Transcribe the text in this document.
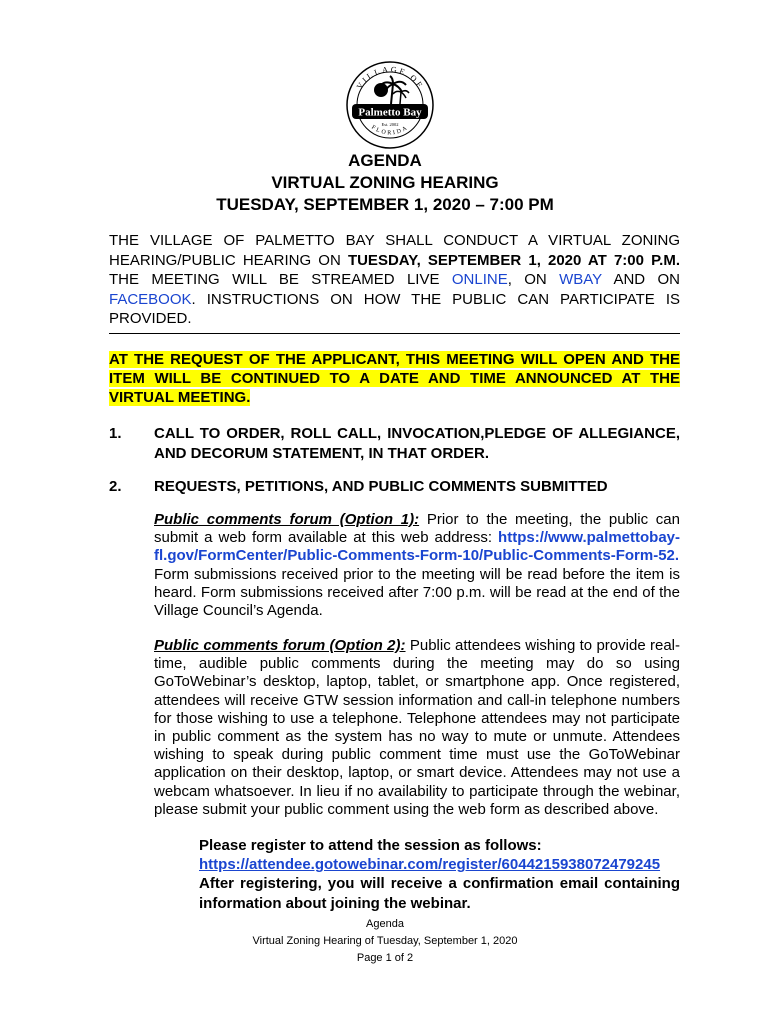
VILLAGE OF
FLORIDA
Palmetto Bay
Est. 2002
AGENDA
VIRTUAL ZONING HEARING
TUESDAY, SEPTEMBER 1, 2020 – 7:00 PM
THE VILLAGE OF PALMETTO BAY SHALL CONDUCT A VIRTUAL ZONING HEARING/PUBLIC HEARING ON TUESDAY, SEPTEMBER 1, 2020 AT 7:00 P.M. THE MEETING WILL BE STREAMED LIVE ONLINE, ON WBAY AND ON FACEBOOK. INSTRUCTIONS ON HOW THE PUBLIC CAN PARTICIPATE IS PROVIDED.
AT THE REQUEST OF THE APPLICANT, THIS MEETING WILL OPEN AND THE ITEM WILL BE CONTINUED TO A DATE AND TIME ANNOUNCED AT THE VIRTUAL MEETING.
1. CALL TO ORDER, ROLL CALL, INVOCATION,PLEDGE OF ALLEGIANCE, AND DECORUM STATEMENT, IN THAT ORDER.
2. REQUESTS, PETITIONS, AND PUBLIC COMMENTS SUBMITTED
Public comments forum (Option 1): Prior to the meeting, the public can submit a web form available at this web address: https://www.palmettobay-fl.gov/FormCenter/Public-Comments-Form-10/Public-Comments-Form-52. Form submissions received prior to the meeting will be read before the item is heard. Form submissions received after 7:00 p.m. will be read at the end of the Village Council’s Agenda.
Public comments forum (Option 2): Public attendees wishing to provide real-time, audible public comments during the meeting may do so using GoToWebinar’s desktop, laptop, tablet, or smartphone app. Once registered, attendees will receive GTW session information and call-in telephone numbers for those wishing to use a telephone. Telephone attendees may not participate in public comment as the system has no way to mute or unmute. Attendees wishing to speak during public comment time must use the GoToWebinar application on their desktop, laptop, or smart device. Attendees may not use a webcam whatsoever. In lieu if no availability to participate through the webinar, please submit your public comment using the web form as described above.
Please register to attend the session as follows:
https://attendee.gotowebinar.com/register/6044215938072479245
After registering, you will receive a confirmation email containing information about joining the webinar.
Agenda
Virtual Zoning Hearing of Tuesday, September 1, 2020
Page 1 of 2
